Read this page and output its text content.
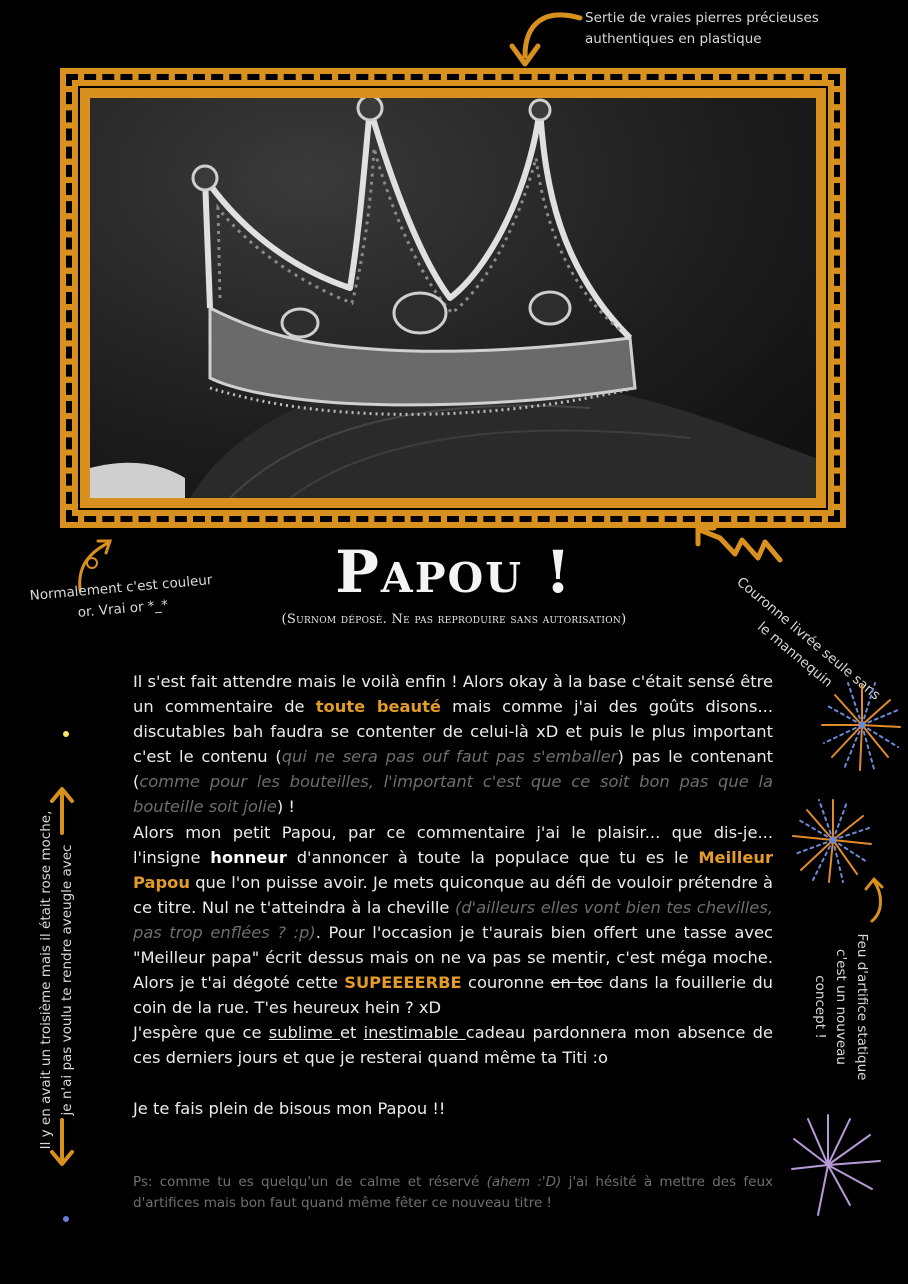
Sertie de vraies pierres précieuses authentiques en plastique
Normalement c'est couleur or. Vrai or *_*	Couronne livrée seule sans le mannequin
Papou !
(Surnom déposé. Ne pas reproduire sans autorisation)
Il y en avait un troisième mais il était rose moche, je n'ai pas voulu te rendre aveugle avec	Feu d'artifice statique c'est un nouveau concept !

Il s'est fait attendre mais le voilà enfin ! Alors okay à la base c'était sensé être un commentaire de toute beauté mais comme j'ai des goûts disons... discutables bah faudra se contenter de celui-là xD et puis le plus important c'est le contenu (qui ne sera pas ouf faut pas s'emballer) pas le contenant (comme pour les bouteilles, l'important c'est que ce soit bon pas que la bouteille soit jolie) !

Alors mon petit Papou, par ce commentaire j'ai le plaisir... que dis-je... l'insigne honneur d'annoncer à toute la populace que tu es le Meilleur Papou que l'on puisse avoir. Je mets quiconque au défi de vouloir prétendre à ce titre. Nul ne t'atteindra à la cheville (d'ailleurs elles vont bien tes chevilles, pas trop enflées ? :p). Pour l'occasion je t'aurais bien offert une tasse avec "Meilleur papa" écrit dessus mais on ne va pas se mentir, c'est méga moche. Alors je t'ai dégoté cette SUPEEEERBE couronne en toc dans la fouillerie du coin de la rue. T'es heureux hein ? xD

J'espère que ce sublime et inestimable cadeau pardonnera mon absence de ces derniers jours et que je resterai quand même ta Titi :o

Je te fais plein de bisous mon Papou !!

Ps: comme tu es quelqu'un de calme et réservé (ahem :'D) j'ai hésité à mettre des feux d'artifices mais bon faut quand même fêter ce nouveau titre !
